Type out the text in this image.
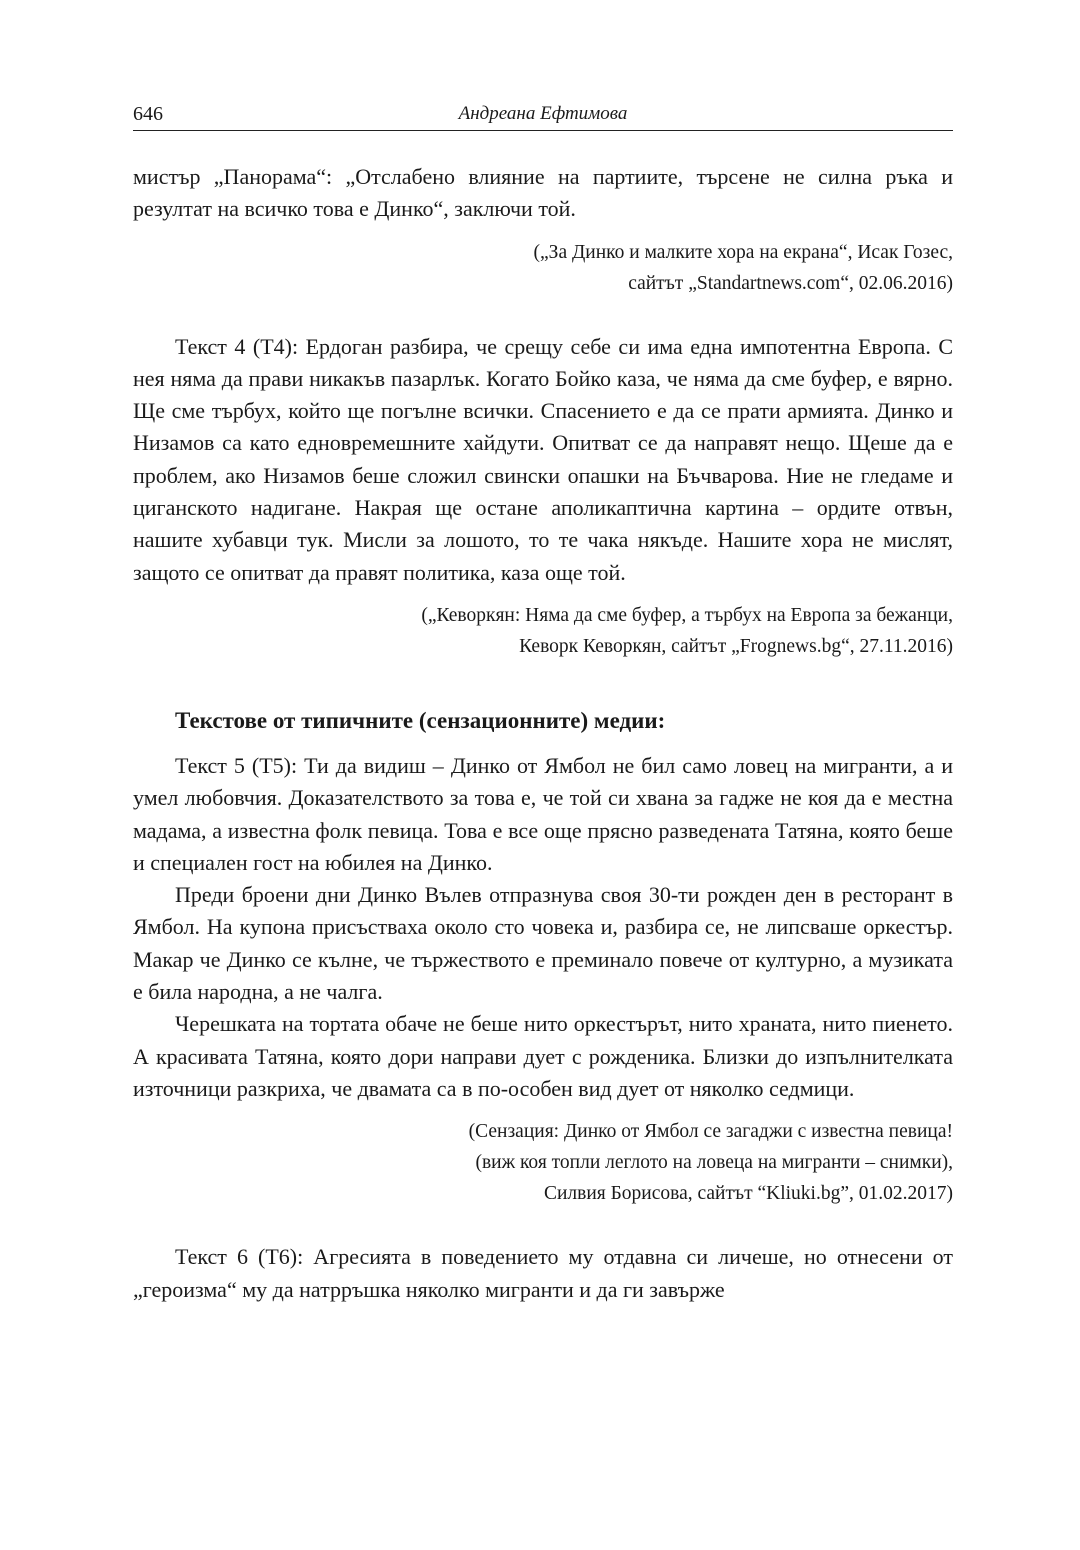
646	Андреана Ефтимова

мистър „Панорама“: „Отслабено влияние на партиите, търсене не силна ръка и резултат на всичко това е Динко“, заключи той.

(„За Динко и малките хора на екрана“, Исак Гозес,
сайтът „Standartnews.com“, 02.06.2016)

Текст 4 (Т4): Ердоган разбира, че срещу себе си има една импотентна Европа. С нея няма да прави никакъв пазарлък. Когато Бойко каза, че няма да сме буфер, е вярно. Ще сме търбух, който ще погълне всички. Спасението е да се прати армията. Динко и Низамов са като едновремешните хайдути. Опитват се да направят нещо. Щеше да е проблем, ако Низамов беше сложил свински опашки на Бъчварова. Ние не гледаме и циганското надигане. Накрая ще остане аполикаптична картина – ордите отвън, нашите хубавци тук. Мисли за лошото, то те чака някъде. Нашите хора не мислят, защото се опитват да правят политика, каза още той.

(„Кеворкян: Няма да сме буфер, а търбух на Европа за бежанци,
Кеворк Кеворкян, сайтът „Frognews.bg“, 27.11.2016)
Текстове от типичните (сензационните) медии:

Текст 5 (Т5): Ти да видиш – Динко от Ямбол не бил само ловец на мигранти, а и умел любовчия. Доказателството за това е, че той си хвана за гадже не коя да е местна мадама, а известна фолк певица. Това е все още прясно разведената Татяна, която беше и специален гост на юбилея на Динко.

Преди броени дни Динко Вълев отпразнува своя 30-ти рожден ден в ресторант в Ямбол. На купона присъстваха около сто човека и, разбира се, не липсваше оркестър. Макар че Динко се кълне, че тържеството е преминало повече от културно, а музиката е била народна, а не чалга.

Черешката на тортата обаче не беше нито оркестърът, нито храната, нито пиенето. А красивата Татяна, която дори направи дует с рожденика. Близки до изпълнителката източници разкриха, че двамата са в по-особен вид дует от няколко седмици.

(Сензация: Динко от Ямбол се загаджи с известна певица!
(виж коя топли леглото на ловеца на мигранти – снимки),
Силвия Борисова, сайтът “Kliuki.bg”, 01.02.2017)

Текст 6 (Т6): Агресията в поведението му отдавна си личеше, но отнесени от „героизма“ му да натрръшка няколко мигранти и да ги завърже
